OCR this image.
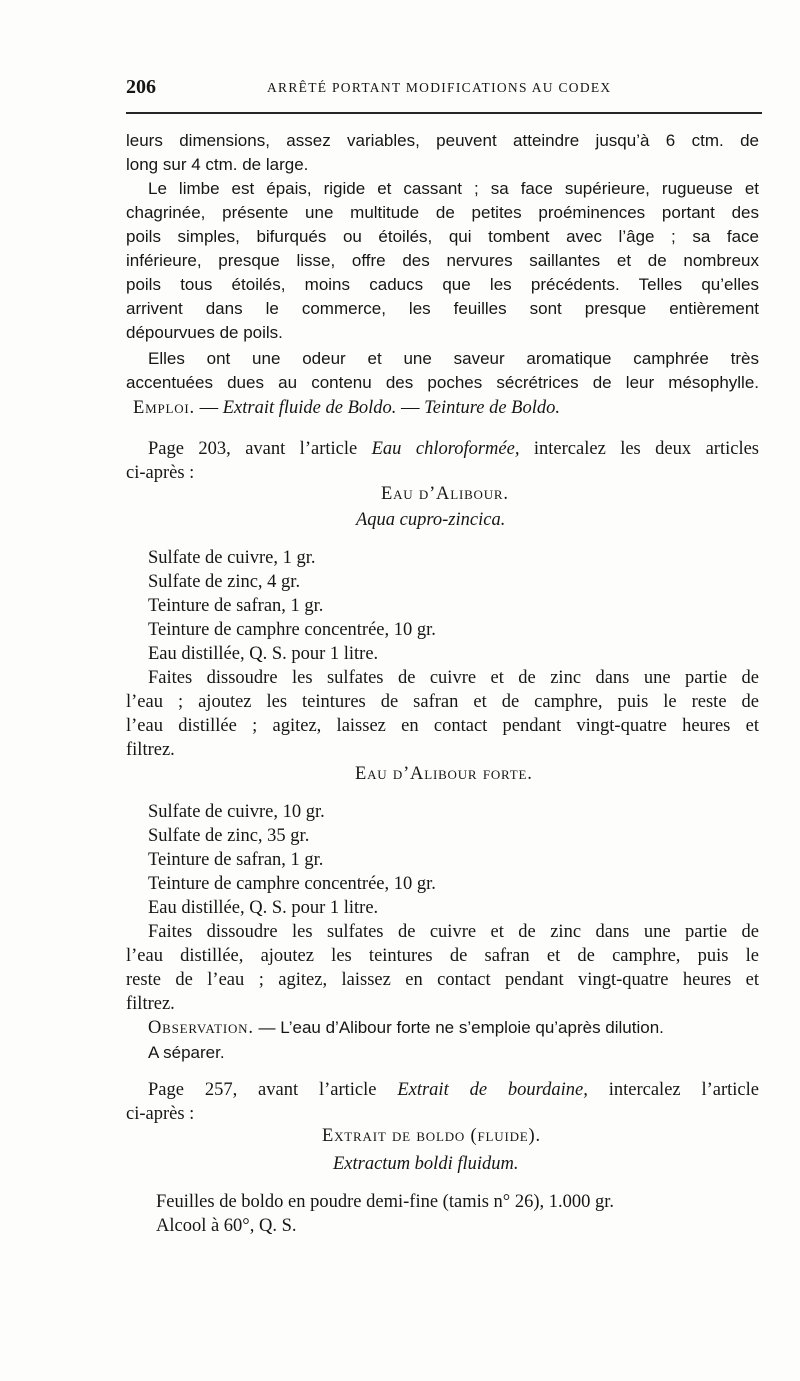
206	ARRÊTÉ PORTANT MODIFICATIONS AU CODEX
leurs dimensions, assez variables, peuvent atteindre jusqu’à 6 ctm. de
long sur 4 ctm. de large.
Le limbe est épais, rigide et cassant ; sa face supérieure, rugueuse et
chagrinée, présente une multitude de petites proéminences portant des
poils simples, bifurqués ou étoilés, qui tombent avec l’âge ; sa face
inférieure, presque lisse, offre des nervures saillantes et de nombreux
poils tous étoilés, moins caducs que les précédents. Telles qu’elles
arrivent dans le commerce, les feuilles sont presque entièrement
dépourvues de poils.
Elles ont une odeur et une saveur aromatique camphrée très
accentuées dues au contenu des poches sécrétrices de leur mésophylle.
Emploi. — Extrait fluide de Boldo. — Teinture de Boldo.
Page 203, avant l’article Eau chloroformée, intercalez les deux articles
ci-après :
Eau d’Alibour.
Aqua cupro-zincica.
Sulfate de cuivre, 1 gr.
Sulfate de zinc, 4 gr.
Teinture de safran, 1 gr.
Teinture de camphre concentrée, 10 gr.
Eau distillée, Q. S. pour 1 litre.
Faites dissoudre les sulfates de cuivre et de zinc dans une partie de
l’eau ; ajoutez les teintures de safran et de camphre, puis le reste de
l’eau distillée ; agitez, laissez en contact pendant vingt-quatre heures et
filtrez.
Eau d’Alibour forte.
Sulfate de cuivre, 10 gr.
Sulfate de zinc, 35 gr.
Teinture de safran, 1 gr.
Teinture de camphre concentrée, 10 gr.
Eau distillée, Q. S. pour 1 litre.
Faites dissoudre les sulfates de cuivre et de zinc dans une partie de
l’eau distillée, ajoutez les teintures de safran et de camphre, puis le
reste de l’eau ; agitez, laissez en contact pendant vingt-quatre heures et
filtrez.
Observation. — L’eau d’Alibour forte ne s’emploie qu’après dilution.
A séparer.
Page 257, avant l’article Extrait de bourdaine, intercalez l’article
ci-après :
Extrait de boldo (fluide).
Extractum boldi fluidum.
Feuilles de boldo en poudre demi-fine (tamis n° 26), 1.000 gr.
Alcool à 60°, Q. S.
